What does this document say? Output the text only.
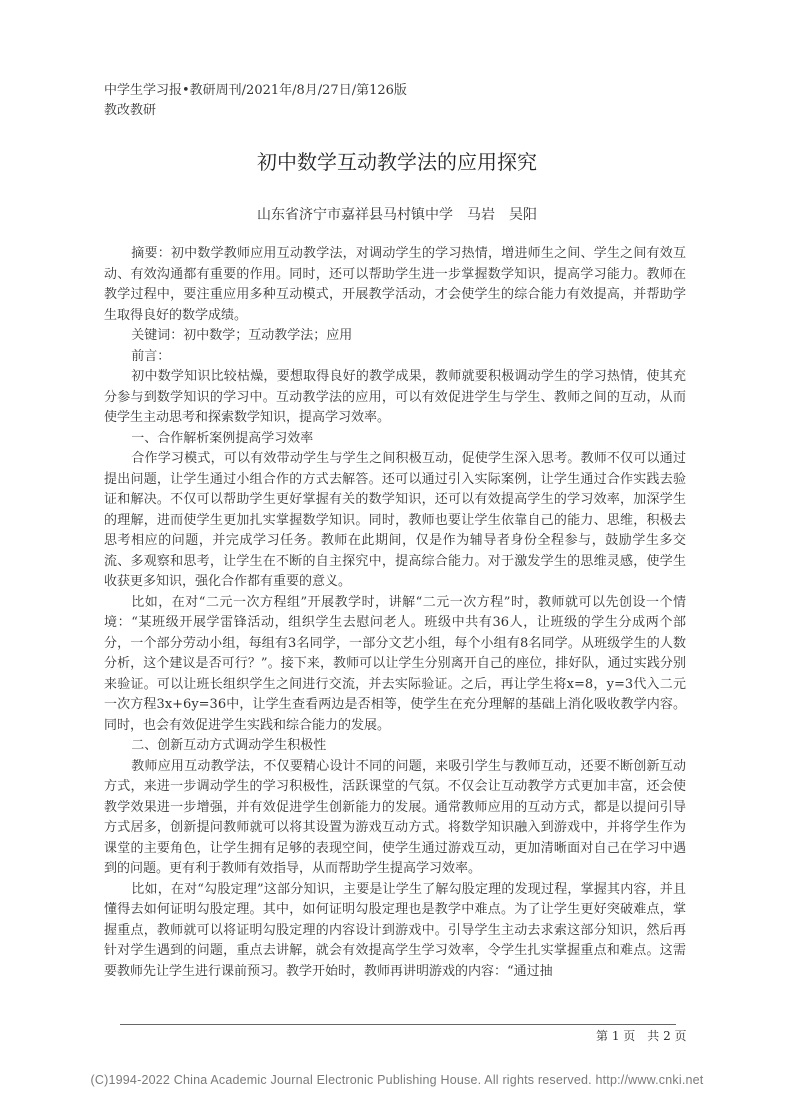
中学生学习报•教研周刊/2021年/8月/27日/第126版
教改教研
初中数学互动教学法的应用探究
山东省济宁市嘉祥县马村镇中学　马岩　吴阳

摘要：初中数学教师应用互动教学法，对调动学生的学习热情，增进师生之间、学生之间有效互动、有效沟通都有重要的作用。同时，还可以帮助学生进一步掌握数学知识，提高学习能力。教师在教学过程中，要注重应用多种互动模式，开展教学活动，才会使学生的综合能力有效提高，并帮助学生取得良好的数学成绩。

关键词：初中数学；互动教学法；应用

前言：

初中数学知识比较枯燥，要想取得良好的教学成果，教师就要积极调动学生的学习热情，使其充分参与到数学知识的学习中。互动教学法的应用，可以有效促进学生与学生、教师之间的互动，从而使学生主动思考和探索数学知识，提高学习效率。

一、合作解析案例提高学习效率

合作学习模式，可以有效带动学生与学生之间积极互动，促使学生深入思考。教师不仅可以通过提出问题，让学生通过小组合作的方式去解答。还可以通过引入实际案例，让学生通过合作实践去验证和解决。不仅可以帮助学生更好掌握有关的数学知识，还可以有效提高学生的学习效率，加深学生的理解，进而使学生更加扎实掌握数学知识。同时，教师也要让学生依靠自己的能力、思维，积极去思考相应的问题，并完成学习任务。教师在此期间，仅是作为辅导者身份全程参与，鼓励学生多交流、多观察和思考，让学生在不断的自主探究中，提高综合能力。对于激发学生的思维灵感，使学生收获更多知识，强化合作都有重要的意义。

比如，在对“二元一次方程组”开展教学时，讲解“二元一次方程”时，教师就可以先创设一个情境：“某班级开展学雷锋活动，组织学生去慰问老人。班级中共有36人，让班级的学生分成两个部分，一个部分劳动小组，每组有3名同学，一部分文艺小组，每个小组有8名同学。从班级学生的人数分析，这个建议是否可行？”。接下来，教师可以让学生分别离开自己的座位，排好队，通过实践分别来验证。可以让班长组织学生之间进行交流，并去实际验证。之后，再让学生将x=8，y=3代入二元一次方程3x+6y=36中，让学生查看两边是否相等，使学生在充分理解的基础上消化吸收教学内容。同时，也会有效促进学生实践和综合能力的发展。

二、创新互动方式调动学生积极性

教师应用互动教学法，不仅要精心设计不同的问题，来吸引学生与教师互动，还要不断创新互动方式，来进一步调动学生的学习积极性，活跃课堂的气氛。不仅会让互动教学方式更加丰富，还会使教学效果进一步增强，并有效促进学生创新能力的发展。通常教师应用的互动方式，都是以提问引导方式居多，创新提问教师就可以将其设置为游戏互动方式。将数学知识融入到游戏中，并将学生作为课堂的主要角色，让学生拥有足够的表现空间，使学生通过游戏互动，更加清晰面对自己在学习中遇到的问题。更有利于教师有效指导，从而帮助学生提高学习效率。

比如，在对“勾股定理”这部分知识，主要是让学生了解勾股定理的发现过程，掌握其内容，并且懂得去如何证明勾股定理。其中，如何证明勾股定理也是教学中难点。为了让学生更好突破难点，掌握重点，教师就可以将证明勾股定理的内容设计到游戏中。引导学生主动去求索这部分知识，然后再针对学生遇到的问题，重点去讲解，就会有效提高学生学习效率，令学生扎实掌握重点和难点。这需要教师先让学生进行课前预习。教学开始时，教师再讲明游戏的内容：“通过抽

第 1 页　共 2 页
(C)1994-2022 China Academic Journal Electronic Publishing House. All rights reserved. http://www.cnki.net
